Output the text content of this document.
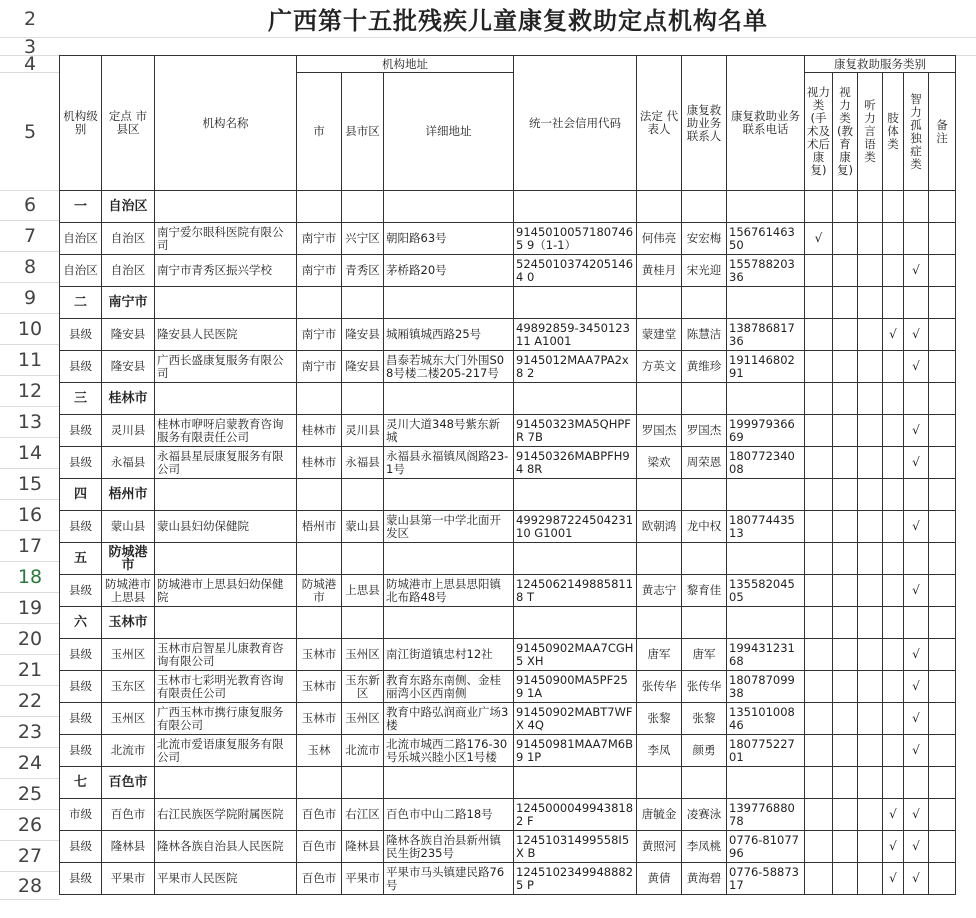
2
3
4
5
6
7
8
9
10
11
12
13
14
15
16
17
18
19
20
21
22
23
24
25
26
27
28
广西第十五批残疾儿童康复救助定点机构名单
机构级别	定点 市县区	机构名称	机构地址			统一社会信用代码	法定 代表人	康复救助业务联系人	康复救助业务联系电话	康复救助服务类别					
			市	县市区	详细地址					视力类(手术及术后康复)	视力类(教育康复)	听力言语类	肢体类	智力孤独症类	备注
一	自治区														
自治区	自治区	南宁爱尔眼科医院有限公司	南宁市	兴宁区	朝阳路63号	91450100571807465 9（1-1）	何伟亮	安宏梅	15676146350	√					
自治区	自治区	南宁市青秀区振兴学校	南宁市	青秀区	茅桥路20号	52450103742051464 0	黄桂月	宋光迎	15578820336					√	
二	南宁市														
县级	隆安县	隆安县人民医院	南宁市	隆安县	城厢镇城西路25号	49892859-345012311 A1001	蒙建堂	陈慧洁	13878681736				√	√	
县级	隆安县	广西长盛康复服务有限公司	南宁市	隆安县	昌泰若城东大门外围S08号楼二楼205-217号	9145012MAA7PA2x8 2	方英文	黄维珍	19114680291					√	
三	桂林市														
县级	灵川县	桂林市咿呀启蒙教育咨询服务有限责任公司	桂林市	灵川县	灵川大道348号紫东新城	91450323MA5QHPFR 7B	罗国杰	罗国杰	19997936669					√	
县级	永福县	永福县星辰康复服务有限公司	桂林市	永福县	永福县永福镇凤阁路23-1号	91450326MABPFH94 8R	梁欢	周荣恩	18077234008					√	
四	梧州市														
县级	蒙山县	蒙山县妇幼保健院	梧州市	蒙山县	蒙山县第一中学北面开发区	499298722450423110 G1001	欧朝鸿	龙中权	18077443513					√	
五	防城港市														
县级	防城港市上思县	防城港市上思县妇幼保健院	防城港市	上思县	防城港市上思县思阳镇北布路48号	12450621498858118 T	黄志宁	黎育佳	13558204505					√	
六	玉林市														
县级	玉州区	玉林市启智星儿康教育咨询有限公司	玉林市	玉州区	南江街道镇忠村12社	91450902MAA7CGH5 XH	唐军	唐军	19943123168					√	
县级	玉东区	玉林市七彩明光教育咨询有限责任公司	玉林市	玉东新区	教育东路东南侧、金桂丽湾小区西南侧	91450900MA5PF259 1A	张传华	张传华	18078709938					√	
县级	玉州区	广西玉林市携行康复服务有限公司	玉林市	玉州区	教育中路弘润商业广场3楼	91450902MABT7WFX 4Q	张黎	张黎	13510100846					√	
县级	北流市	北流市爱语康复服务有限公司	玉林	北流市	北流市城西二路176-30号乐城兴睦小区1号楼	91450981MAA7M6B9 1P	李凤	颜勇	18077522701					√	
七	百色市														
市级	百色市	右江民族医学院附属医院	百色市	右江区	百色市中山二路18号	12450000499438182 F	唐毓金	凌赛泳	13977688078				√	√	
县级	隆林县	隆林各族自治县人民医院	百色市	隆林县	隆林各族自治县新州镇民生街235号	12451031499558I5X B	黄照河	李凤桃	0776-8107796				√	√	
县级	平果市	平果市人民医院	百色市	平果市	平果市马头镇建民路76号	12451023499488825 P	黄倩	黄海碧	0776-5887317				√	√	
